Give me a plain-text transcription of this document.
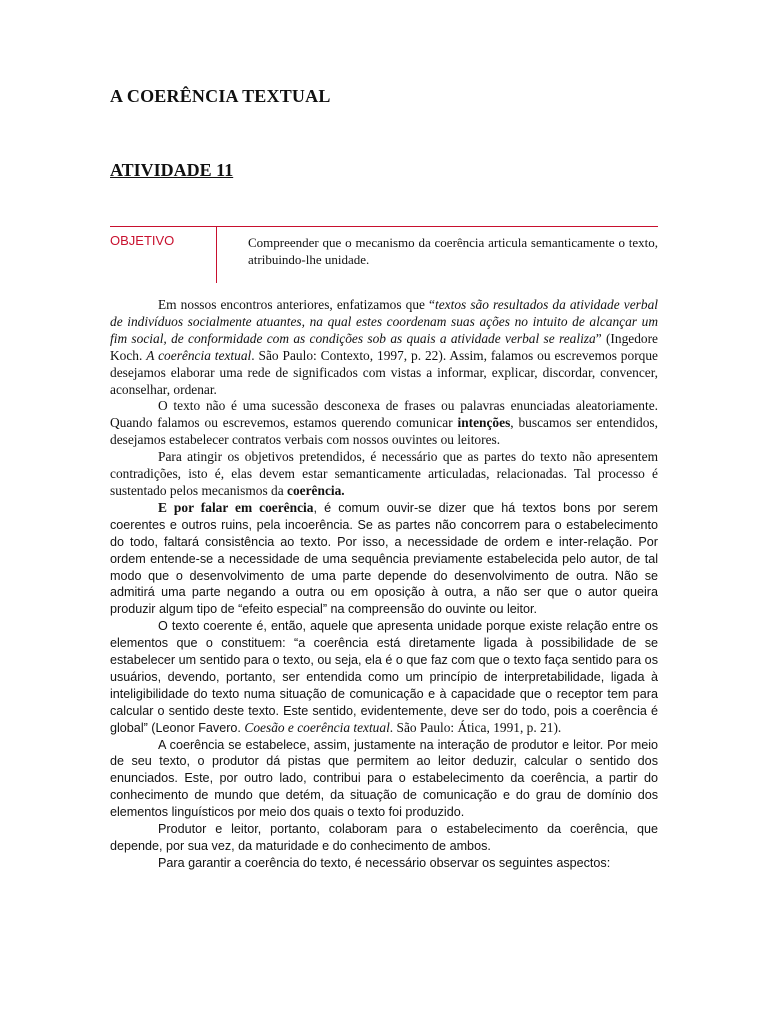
A COERÊNCIA TEXTUAL
ATIVIDADE 11
OBJETIVO	Compreender que o mecanismo da coerência articula semanticamente o texto, atribuindo-lhe unidade.

Em nossos encontros anteriores, enfatizamos que “textos são resultados da atividade verbal de indivíduos socialmente atuantes, na qual estes coordenam suas ações no intuito de alcançar um fim social, de conformidade com as condições sob as quais a atividade verbal se realiza” (Ingedore Koch. A coerência textual. São Paulo: Contexto, 1997, p. 22). Assim, falamos ou escrevemos porque desejamos elaborar uma rede de significados com vistas a informar, explicar, discordar, convencer, aconselhar, ordenar.

O texto não é uma sucessão desconexa de frases ou palavras enunciadas aleatoriamente. Quando falamos ou escrevemos, estamos querendo comunicar intenções, buscamos ser entendidos, desejamos estabelecer contratos verbais com nossos ouvintes ou leitores.

Para atingir os objetivos pretendidos, é necessário que as partes do texto não apresentem contradições, isto é, elas devem estar semanticamente articuladas, relacionadas. Tal processo é sustentado pelos mecanismos da coerência.

E por falar em coerência, é comum ouvir-se dizer que há textos bons por serem coerentes e outros ruins, pela incoerência. Se as partes não concorrem para o estabelecimento do todo, faltará consistência ao texto. Por isso, a necessidade de ordem e inter-relação. Por ordem entende-se a necessidade de uma sequência previamente estabelecida pelo autor, de tal modo que o desenvolvimento de uma parte depende do desenvolvimento de outra. Não se admitirá uma parte negando a outra ou em oposição à outra, a não ser que o autor queira produzir algum tipo de “efeito especial” na compreensão do ouvinte ou leitor.

O texto coerente é, então, aquele que apresenta unidade porque existe relação entre os elementos que o constituem: “a coerência está diretamente ligada à possibilidade de se estabelecer um sentido para o texto, ou seja, ela é o que faz com que o texto faça sentido para os usuários, devendo, portanto, ser entendida como um princípio de interpretabilidade, ligada à inteligibilidade do texto numa situação de comunicação e à capacidade que o receptor tem para calcular o sentido deste texto. Este sentido, evidentemente, deve ser do todo, pois a coerência é global” (Leonor Favero. Coesão e coerência textual. São Paulo: Ática, 1991, p. 21).

A coerência se estabelece, assim, justamente na interação de produtor e leitor. Por meio de seu texto, o produtor dá pistas que permitem ao leitor deduzir, calcular o sentido dos enunciados. Este, por outro lado, contribui para o estabelecimento da coerência, a partir do conhecimento de mundo que detém, da situação de comunicação e do grau de domínio dos elementos linguísticos por meio dos quais o texto foi produzido.

Produtor e leitor, portanto, colaboram para o estabelecimento da coerência, que depende, por sua vez, da maturidade e do conhecimento de ambos.

Para garantir a coerência do texto, é necessário observar os seguintes aspectos:
